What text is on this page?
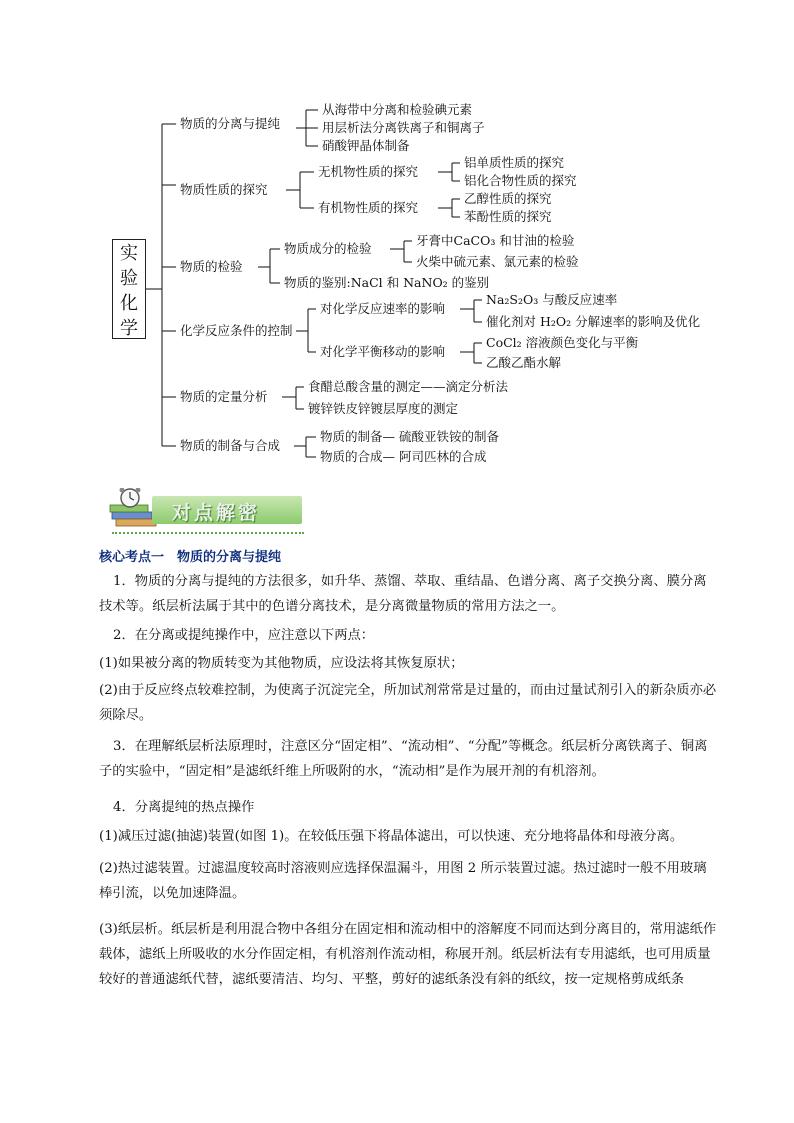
实
验
化
学
物质的分离与提纯
从海带中分离和检验碘元素
用层析法分离铁离子和铜离子
硝酸钾晶体制备
物质性质的探究
无机物性质的探究
有机物性质的探究
铝单质性质的探究
铝化合物性质的探究
乙醇性质的探究
苯酚性质的探究
物质的检验
物质成分的检验
物质的鉴别:NaCl 和 NaNO₂ 的鉴别
牙膏中CaCO₃ 和甘油的检验
火柴中硫元素、氯元素的检验
化学反应条件的控制
对化学反应速率的影响
对化学平衡移动的影响
Na₂S₂O₃ 与酸反应速率
催化剂对 H₂O₂ 分解速率的影响及优化
CoCl₂ 溶液颜色变化与平衡
乙酸乙酯水解
物质的定量分析
食醋总酸含量的测定——滴定分析法
镀锌铁皮锌镀层厚度的测定
物质的制备与合成
物质的制备— 硫酸亚铁铵的制备
物质的合成— 阿司匹林的合成
对点解密
核心考点一　物质的分离与提纯

1．物质的分离与提纯的方法很多，如升华、蒸馏、萃取、重结晶、色谱分离、离子交换分离、膜分离技术等。纸层析法属于其中的色谱分离技术，是分离微量物质的常用方法之一。

2．在分离或提纯操作中，应注意以下两点：

(1)如果被分离的物质转变为其他物质，应设法将其恢复原状；

(2)由于反应终点较难控制，为使离子沉淀完全，所加试剂常常是过量的，而由过量试剂引入的新杂质亦必须除尽。

3．在理解纸层析法原理时，注意区分“固定相”、“流动相”、“分配”等概念。纸层析分离铁离子、铜离子的实验中，“固定相”是滤纸纤维上所吸附的水，“流动相”是作为展开剂的有机溶剂。

4．分离提纯的热点操作

(1)减压过滤(抽滤)装置(如图 1)。在较低压强下将晶体滤出，可以快速、充分地将晶体和母液分离。

(2)热过滤装置。过滤温度较高时溶液则应选择保温漏斗，用图 2 所示装置过滤。热过滤时一般不用玻璃棒引流，以免加速降温。

(3)纸层析。纸层析是利用混合物中各组分在固定相和流动相中的溶解度不同而达到分离目的，常用滤纸作载体，滤纸上所吸收的水分作固定相，有机溶剂作流动相，称展开剂。纸层析法有专用滤纸，也可用质量较好的普通滤纸代替，滤纸要清洁、均匀、平整，剪好的滤纸条没有斜的纸纹，按一定规格剪成纸条
